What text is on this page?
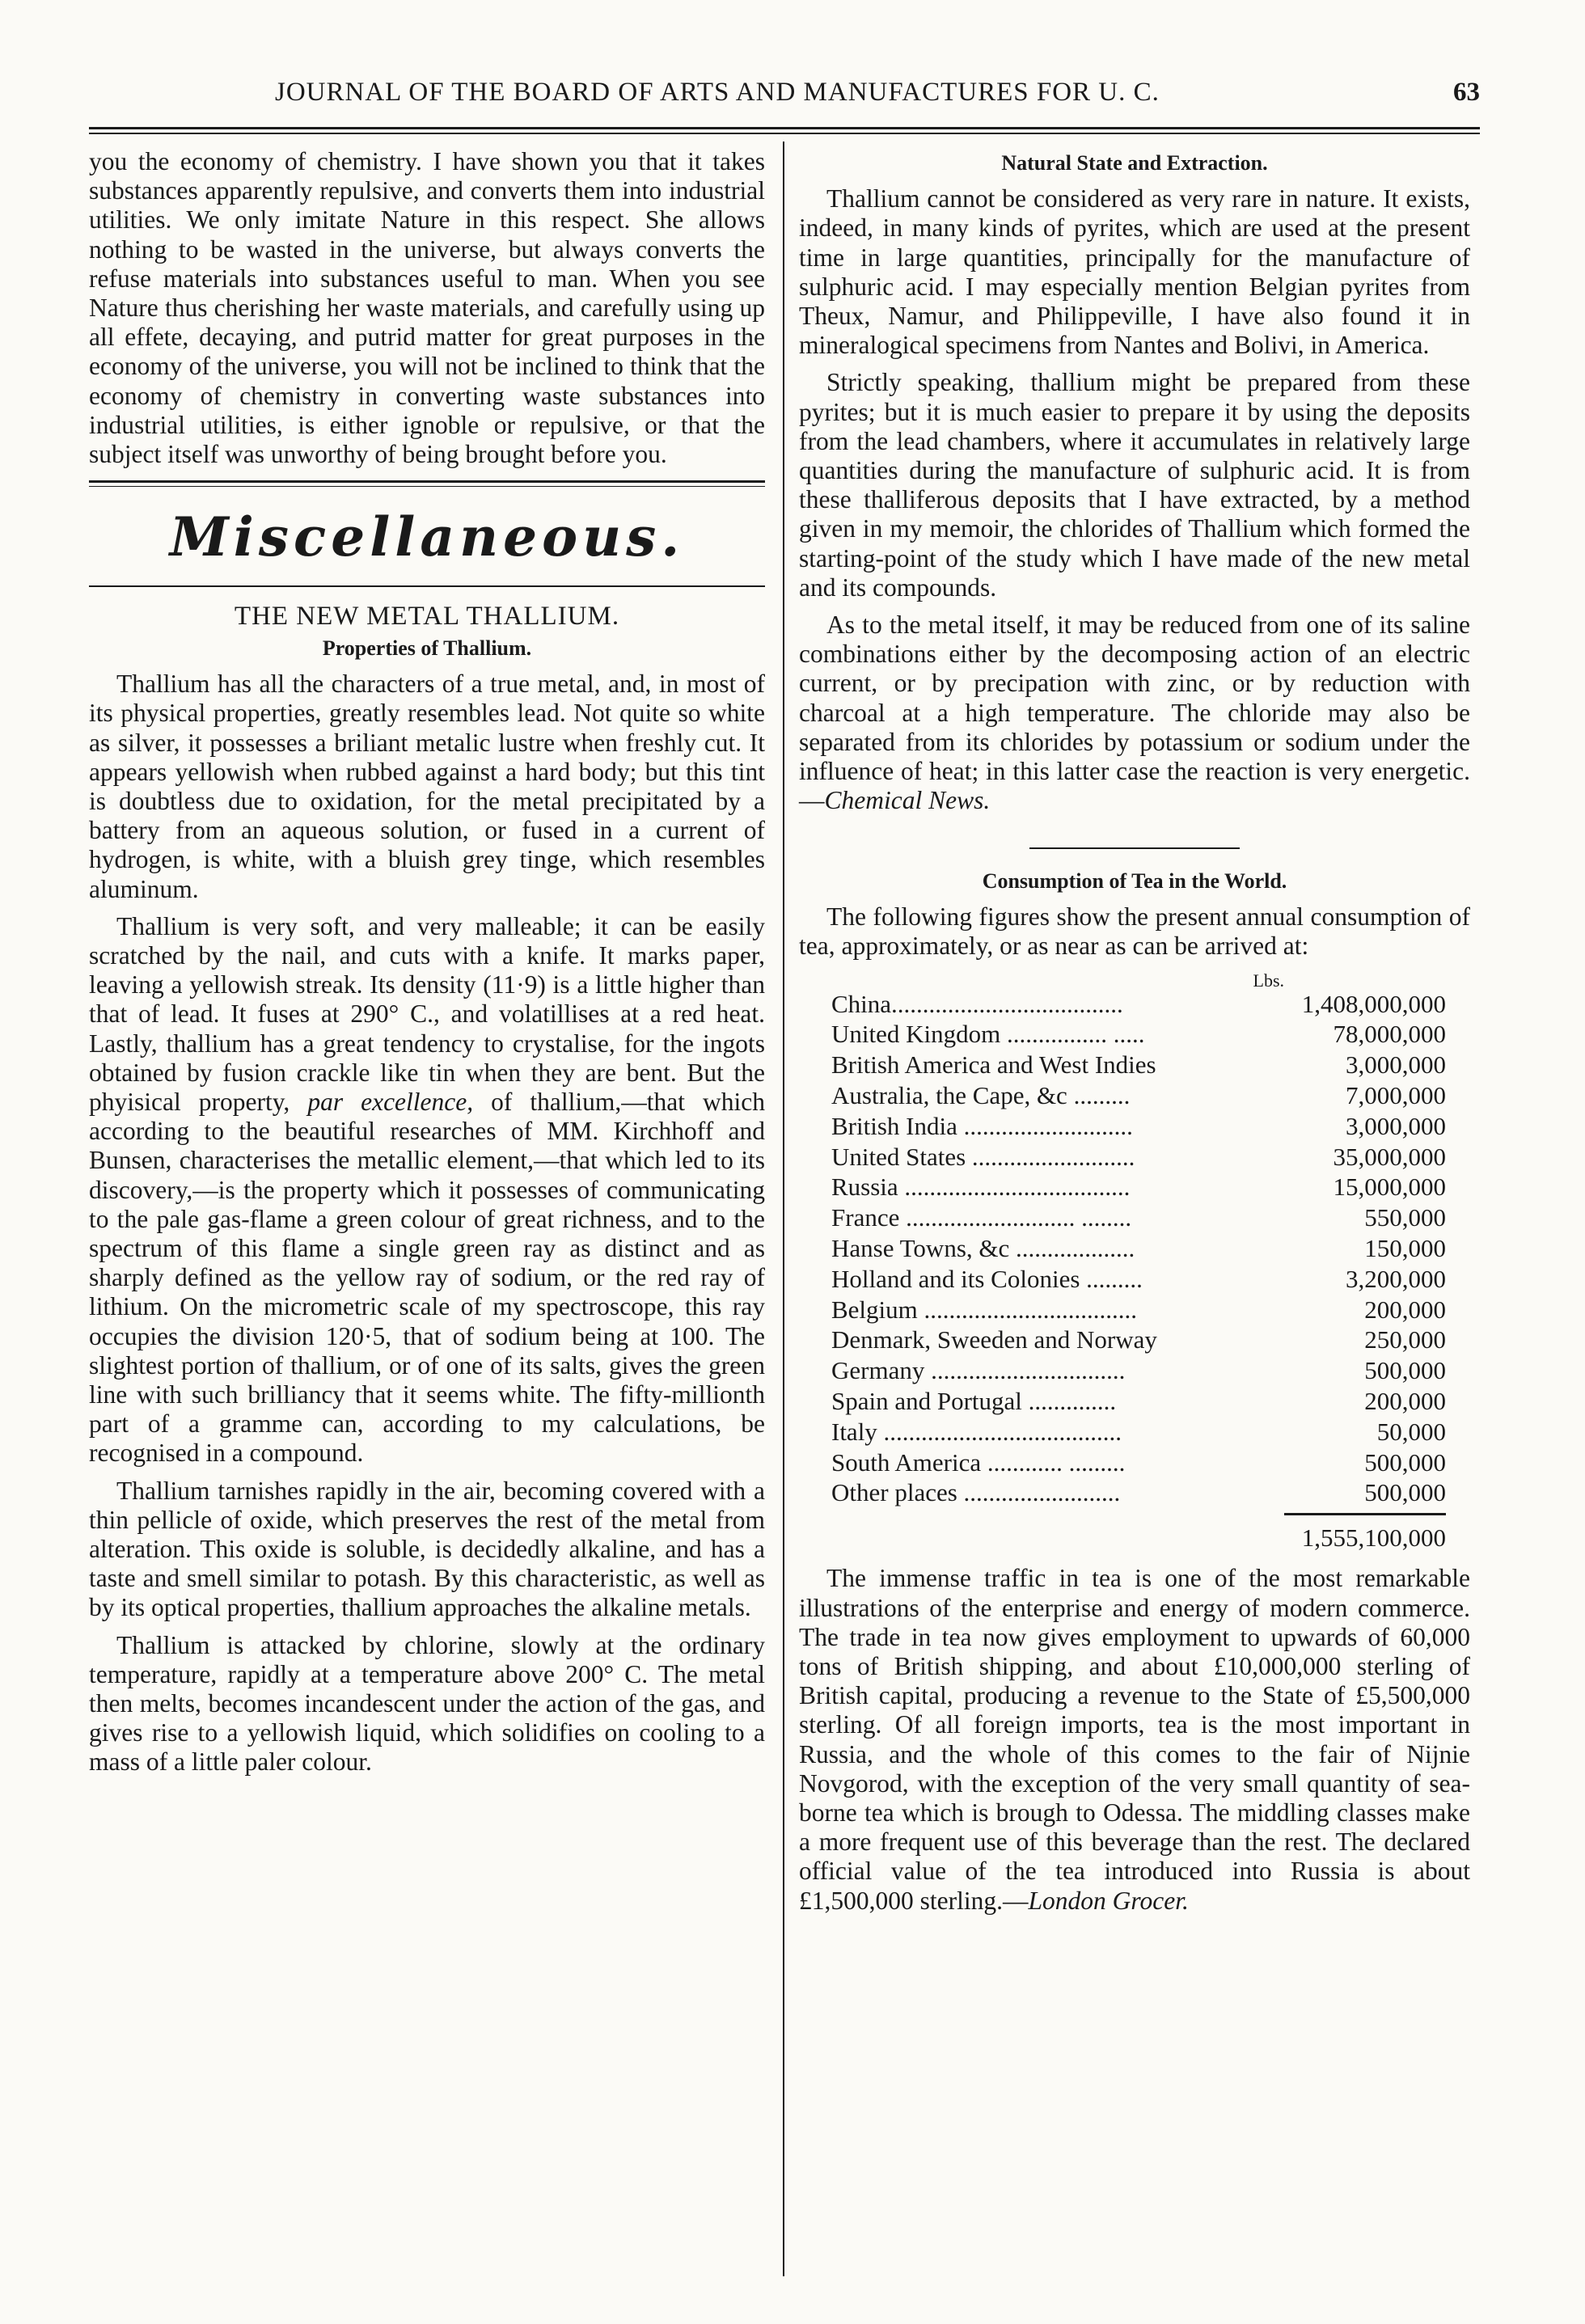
JOURNAL OF THE BOARD OF ARTS AND MANUFACTURES FOR U. C.	63

you the economy of chemistry. I have shown you that it takes substances apparently repulsive, and converts them into industrial utilities. We only imitate Nature in this respect. She allows nothing to be wasted in the universe, but always converts the refuse materials into substances useful to man. When you see Nature thus cherishing her waste materials, and carefully using up all effete, decaying, and putrid matter for great purposes in the economy of the universe, you will not be inclined to think that the economy of chemistry in converting waste substances into industrial utilities, is either ignoble or repulsive, or that the subject itself was unworthy of being brought before you.

Miscellaneous.
THE NEW METAL THALLIUM.
Properties of Thallium.

Thallium has all the characters of a true metal, and, in most of its physical properties, greatly resembles lead. Not quite so white as silver, it possesses a briliant metalic lustre when freshly cut. It appears yellowish when rubbed against a hard body; but this tint is doubtless due to oxidation, for the metal precipitated by a battery from an aqueous solution, or fused in a current of hydrogen, is white, with a bluish grey tinge, which resembles aluminum.

Thallium is very soft, and very malleable; it can be easily scratched by the nail, and cuts with a knife. It marks paper, leaving a yellowish streak. Its density (11·9) is a little higher than that of lead. It fuses at 290° C., and volatillises at a red heat. Lastly, thallium has a great tendency to crystalise, for the ingots obtained by fusion crackle like tin when they are bent. But the phyisical property, par excellence, of thallium,—that which according to the beautiful researches of MM. Kirchhoff and Bunsen, characterises the metallic element,—that which led to its discovery,—is the property which it possesses of communicating to the pale gas-flame a green colour of great richness, and to the spectrum of this flame a single green ray as distinct and as sharply defined as the yellow ray of sodium, or the red ray of lithium. On the micrometric scale of my spectroscope, this ray occupies the division 120·5, that of sodium being at 100. The slightest portion of thallium, or of one of its salts, gives the green line with such brilliancy that it seems white. The fifty-millionth part of a gramme can, according to my calculations, be recognised in a compound.

Thallium tarnishes rapidly in the air, becoming covered with a thin pellicle of oxide, which preserves the rest of the metal from alteration. This oxide is soluble, is decidedly alkaline, and has a taste and smell similar to potash. By this characteristic, as well as by its optical properties, thallium approaches the alkaline metals.

Thallium is attacked by chlorine, slowly at the ordinary temperature, rapidly at a temperature above 200° C. The metal then melts, becomes incandescent under the action of the gas, and gives rise to a yellowish liquid, which solidifies on cooling to a mass of a little paler colour.

Natural State and Extraction.

Thallium cannot be considered as very rare in nature. It exists, indeed, in many kinds of pyrites, which are used at the present time in large quantities, principally for the manufacture of sulphuric acid. I may especially mention Belgian pyrites from Theux, Namur, and Philippeville, I have also found it in mineralogical specimens from Nantes and Bolivi, in America.

Strictly speaking, thallium might be prepared from these pyrites; but it is much easier to prepare it by using the deposits from the lead chambers, where it accumulates in relatively large quantities during the manufacture of sulphuric acid. It is from these thalliferous deposits that I have extracted, by a method given in my memoir, the chlorides of Thallium which formed the starting-point of the study which I have made of the new metal and its compounds.

As to the metal itself, it may be reduced from one of its saline combinations either by the decomposing action of an electric current, or by precipation with zinc, or by reduction with charcoal at a high temperature. The chloride may also be separated from its chlorides by potassium or sodium under the influence of heat; in this latter case the reaction is very energetic.—Chemical News.

Consumption of Tea in the World.

The following figures show the present annual consumption of tea, approximately, or as near as can be arrived at:

Lbs.
China.....................................	1,408,000,000
United Kingdom ................ .....	78,000,000
British America and West Indies	3,000,000
Australia, the Cape, &c .........	7,000,000
British India ...........................	3,000,000
United States ..........................	35,000,000
Russia ....................................	15,000,000
France ........................... ........	550,000
Hanse Towns, &c ...................	150,000
Holland and its Colonies .........	3,200,000
Belgium ..................................	200,000
Denmark, Sweeden and Norway	250,000
Germany ...............................	500,000
Spain and Portugal ..............	200,000
Italy ......................................	50,000
South America ............ .........	500,000
Other places .........................	500,000
1,555,100,000

The immense traffic in tea is one of the most remarkable illustrations of the enterprise and energy of modern commerce. The trade in tea now gives employment to upwards of 60,000 tons of British shipping, and about £10,000,000 sterling of British capital, producing a revenue to the State of £5,500,000 sterling. Of all foreign imports, tea is the most important in Russia, and the whole of this comes to the fair of Nijnie Novgorod, with the exception of the very small quantity of sea-borne tea which is brough to Odessa. The middling classes make a more frequent use of this beverage than the rest. The declared official value of the tea introduced into Russia is about £1,500,000 sterling.—London Grocer.
